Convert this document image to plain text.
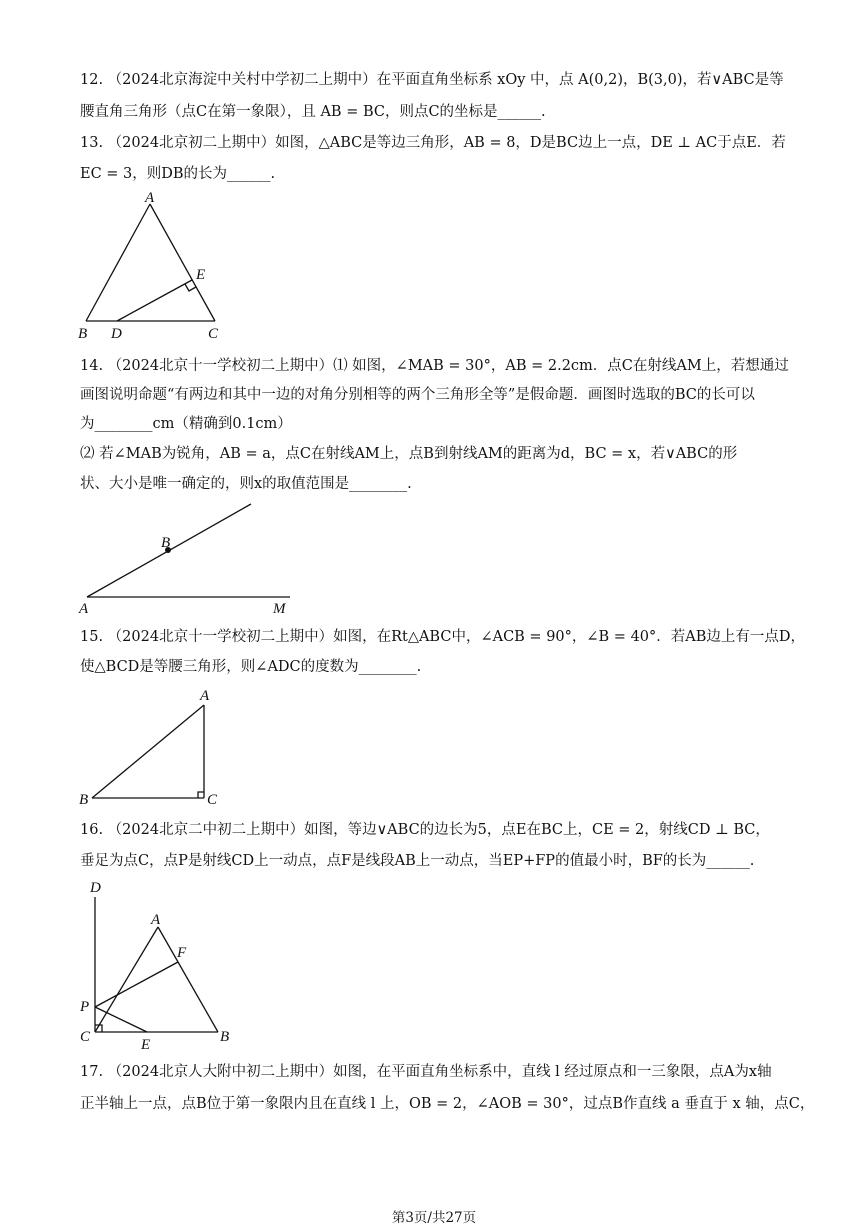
12. （2024北京海淀中关村中学初二上期中）在平面直角坐标系 xOy 中，点 A(0,2)，B(3,0)，若∨ABC是等
腰直角三角形（点C在第一象限），且 AB = BC，则点C的坐标是______.
13. （2024北京初二上期中）如图，△ABC是等边三角形，AB = 8，D是BC边上一点，DE ⊥ AC于点E．若
EC = 3，则DB的长为______.
A
B	C
D
E
14. （2024北京十一学校初二上期中）⑴ 如图，∠MAB = 30°，AB = 2.2cm．点C在射线AM上，若想通过
画图说明命题“有两边和其中一边的对角分别相等的两个三角形全等”是假命题．画图时选取的BC的长可以
为________cm（精确到0.1cm）
⑵ 若∠MAB为锐角，AB = a，点C在射线AM上，点B到射线AM的距离为d，BC = x，若∨ABC的形
状、大小是唯一确定的，则x的取值范围是________.
B
A	M
15. （2024北京十一学校初二上期中）如图，在Rt△ABC中，∠ACB = 90°，∠B = 40°．若AB边上有一点D，
使△BCD是等腰三角形，则∠ADC的度数为________.
A
B	C
16. （2024北京二中初二上期中）如图，等边∨ABC的边长为5，点E在BC上，CE = 2，射线CD ⊥ BC，
垂足为点C，点P是射线CD上一动点，点F是线段AB上一动点，当EP+FP的值最小时，BF的长为______.
D
A
F
P
C	E	B
17. （2024北京人大附中初二上期中）如图，在平面直角坐标系中，直线 l 经过原点和一三象限，点A为x轴
正半轴上一点，点B位于第一象限内且在直线 l 上，OB = 2，∠AOB = 30°，过点B作直线 a 垂直于 x 轴，点C，
第3页/共27页
